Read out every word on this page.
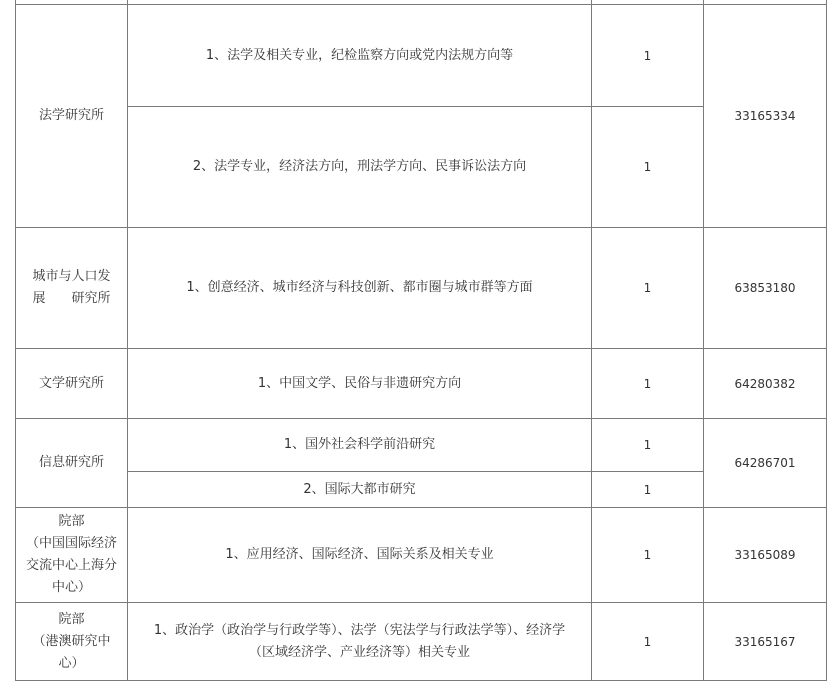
法学研究所	1、法学及相关专业，纪检监察方向或党内法规方向等	1	33165334

	2、法学专业，经济法方向，刑法学方向、民事诉讼法方向	1	

城市与人口发
展　　研究所	1、创意经济、城市经济与科技创新、都市圈与城市群等方面	1	63853180

文学研究所	1、中国文学、民俗与非遗研究方向	1	64280382

信息研究所	1、国外社会科学前沿研究	1	64286701

	2、国际大都市研究	1	

院部
（中国国际经济
交流中心上海分
中心）	1、应用经济、国际经济、国际关系及相关专业	1	33165089

院部
（港澳研究中
心）	1、政治学（政治学与行政学等）、法学（宪法学与行政法学等）、经济学
（区域经济学、产业经济等）相关专业	1	33165167
